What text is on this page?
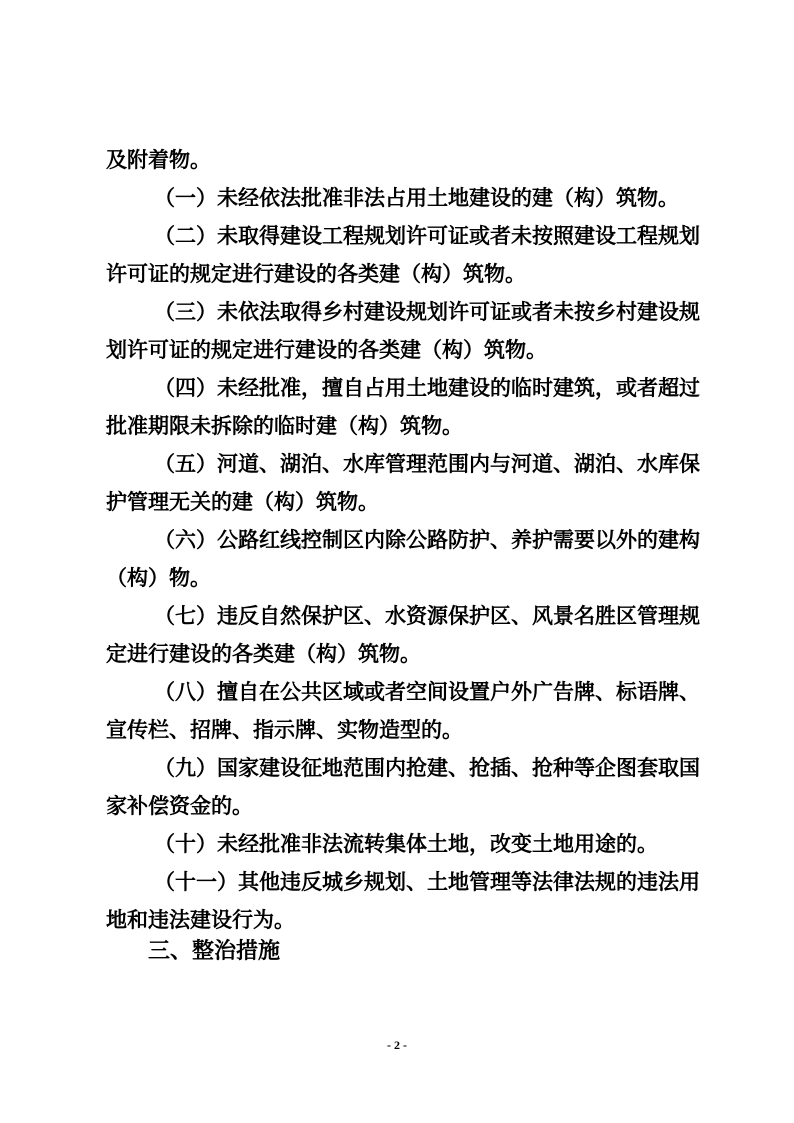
及附着物。
（一）未经依法批准非法占用土地建设的建（构）筑物。
（二）未取得建设工程规划许可证或者未按照建设工程规划
许可证的规定进行建设的各类建（构）筑物。
（三）未依法取得乡村建设规划许可证或者未按乡村建设规
划许可证的规定进行建设的各类建（构）筑物。
（四）未经批准，擅自占用土地建设的临时建筑，或者超过
批准期限未拆除的临时建（构）筑物。
（五）河道、湖泊、水库管理范围内与河道、湖泊、水库保
护管理无关的建（构）筑物。
（六）公路红线控制区内除公路防护、养护需要以外的建构
（构）物。
（七）违反自然保护区、水资源保护区、风景名胜区管理规
定进行建设的各类建（构）筑物。
（八）擅自在公共区域或者空间设置户外广告牌、标语牌、
宣传栏、招牌、指示牌、实物造型的。
（九）国家建设征地范围内抢建、抢插、抢种等企图套取国
家补偿资金的。
（十）未经批准非法流转集体土地，改变土地用途的。
（十一）其他违反城乡规划、土地管理等法律法规的违法用
地和违法建设行为。
三、整治措施
- 2 -
